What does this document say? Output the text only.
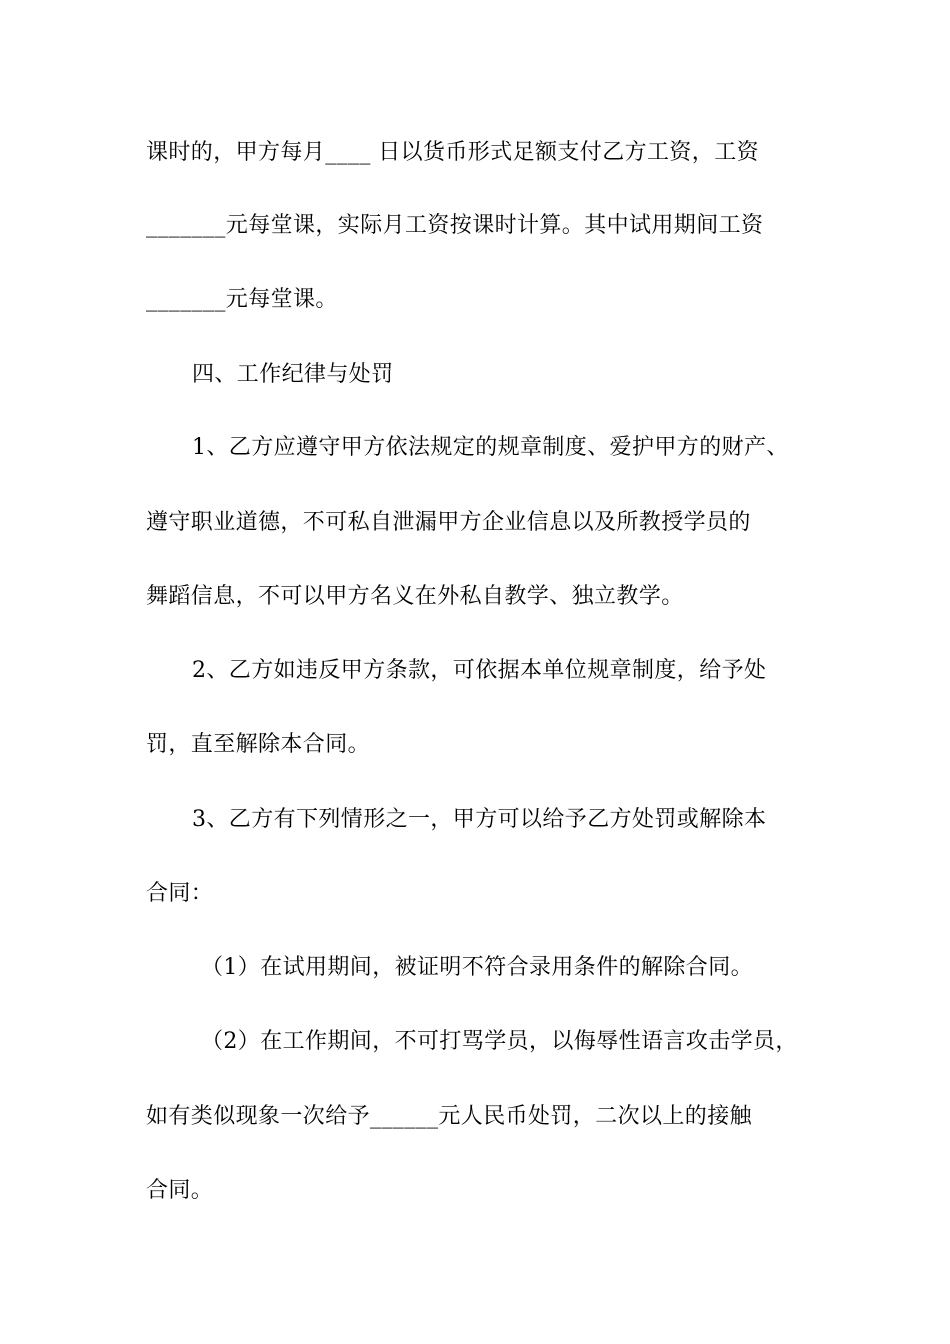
课时的，甲方每月____ 日以货币形式足额支付乙方工资，工资
_______元每堂课，实际月工资按课时计算。其中试用期间工资
_______元每堂课。
四、工作纪律与处罚
1、乙方应遵守甲方依法规定的规章制度、爱护甲方的财产、
遵守职业道德，不可私自泄漏甲方企业信息以及所教授学员的
舞蹈信息，不可以甲方名义在外私自教学、独立教学。
2、乙方如违反甲方条款，可依据本单位规章制度，给予处
罚，直至解除本合同。
3、乙方有下列情形之一，甲方可以给予乙方处罚或解除本
合同：
（1）在试用期间，被证明不符合录用条件的解除合同。
（2）在工作期间，不可打骂学员，以侮辱性语言攻击学员，
如有类似现象一次给予______元人民币处罚，二次以上的接触
合同。
